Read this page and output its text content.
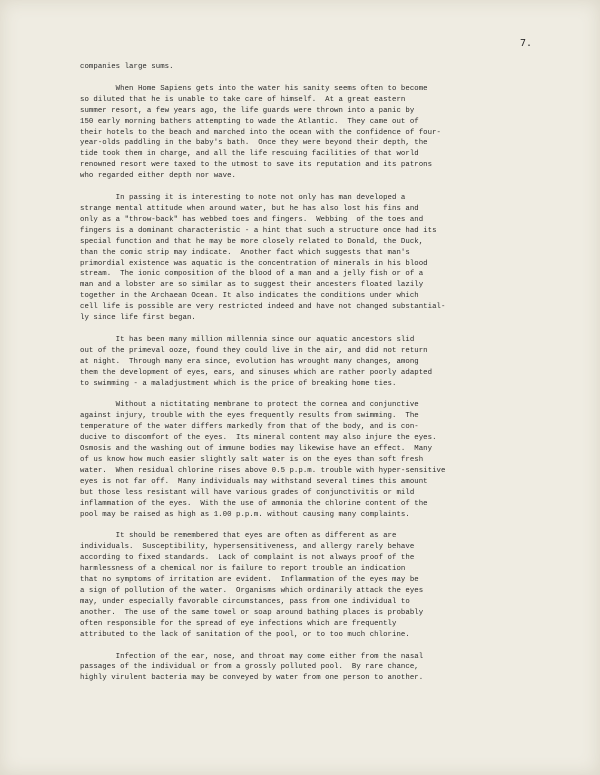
7.
companies large sums.
When Home Sapiens gets into the water his sanity seems often to become
so diluted that he is unable to take care of himself.  At a great eastern
summer resort, a few years ago, the life guards were thrown into a panic by
150 early morning bathers attempting to wade the Atlantic.  They came out of
their hotels to the beach and marched into the ocean with the confidence of four-
year-olds paddling in the baby's bath.  Once they were beyond their depth, the
tide took them in charge, and all the life rescuing facilities of that world
renowned resort were taxed to the utmost to save its reputation and its patrons
who regarded either depth nor wave.
In passing it is interesting to note not only has man developed a
strange mental attitude when around water, but he has also lost his fins and
only as a "throw-back" has webbed toes and fingers.  Webbing  of the toes and
fingers is a dominant characteristic - a hint that such a structure once had its
special function and that he may be more closely related to Donald, the Duck,
than the comic strip may indicate.  Another fact which suggests that man's
primordial existence was aquatic is the concentration of minerals in his blood
stream.  The ionic composition of the blood of a man and a jelly fish or of a
man and a lobster are so similar as to suggest their ancesters floated lazily
together in the Archaean Ocean. It also indicates the conditions under which
cell life is possible are very restricted indeed and have not changed substantial-
ly since life first began.
It has been many million millennia since our aquatic ancestors slid
out of the primeval ooze, found they could live in the air, and did not return
at night.  Through many era since, evolution has wrought many changes, among
them the development of eyes, ears, and sinuses which are rather poorly adapted
to swimming - a maladjustment which is the price of breaking home ties.
Without a nictitating membrane to protect the cornea and conjunctive
against injury, trouble with the eyes frequently results from swimming.  The
temperature of the water differs markedly from that of the body, and is con-
ducive to discomfort of the eyes.  Its mineral content may also injure the eyes.
Osmosis and the washing out of immune bodies may likewise have an effect.  Many
of us know how much easier slightly salt water is on the eyes than soft fresh
water.  When residual chlorine rises above 0.5 p.p.m. trouble with hyper-sensitive
eyes is not far off.  Many individuals may withstand several times this amount
but those less resistant will have various grades of conjunctivitis or mild
inflammation of the eyes.  With the use of ammonia the chlorine content of the
pool may be raised as high as 1.00 p.p.m. without causing many complaints.
It should be remembered that eyes are often as different as are
individuals.  Susceptibility, hypersensitiveness, and allergy rarely behave
according to fixed standards.  Lack of complaint is not always proof of the
harmlessness of a chemical nor is failure to report trouble an indication
that no symptoms of irritation are evident.  Inflammation of the eyes may be
a sign of pollution of the water.  Organisms which ordinarily attack the eyes
may, under especially favorable circumstances, pass from one individual to
another.  The use of the same towel or soap around bathing places is probably
often responsible for the spread of eye infections which are frequently
attributed to the lack of sanitation of the pool, or to too much chlorine.
Infection of the ear, nose, and throat may come either from the nasal
passages of the individual or from a grossly polluted pool.  By rare chance,
highly virulent bacteria may be conveyed by water from one person to another.
